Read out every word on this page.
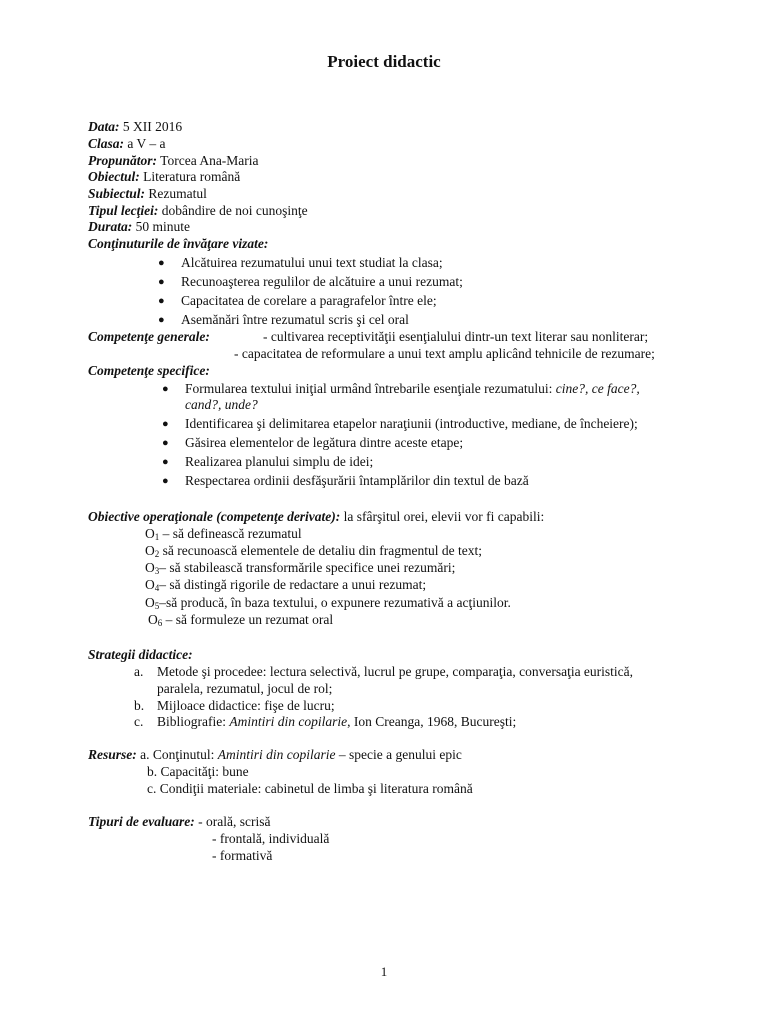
Proiect didactic
Data: 5 XII 2016
Clasa: a V – a
Propunător: Torcea Ana-Maria
Obiectul: Literatura română
Subiectul: Rezumatul
Tipul lecţiei: dobândire de noi cunoşinţe
Durata: 50 minute
Conţinuturile de învăţare vizate:
● Alcătuirea rezumatului unui text studiat la clasa;
● Recunoaşterea regulilor de alcătuire a unui rezumat;
● Capacitatea de corelare a paragrafelor între ele;
● Asemănări între rezumatul scris şi cel oral
Competenţe generale:	- cultivarea receptivităţii esenţialului dintr-un text literar sau nonliterar;
- capacitatea de reformulare a unui text amplu aplicând tehnicile de rezumare;
Competenţe specifice:
● Formularea textului iniţial urmând întrebarile esenţiale rezumatului: cine?, ce face?,
cand?, unde?
● Identificarea şi delimitarea etapelor naraţiunii (introductive, mediane, de încheiere);
● Găsirea elementelor de legătura dintre aceste etape;
● Realizarea planului simplu de idei;
● Respectarea ordinii desfăşurării întamplărilor din textul de bază
Obiective operaţionale (competenţe derivate): la sfârşitul orei, elevii vor fi capabili:
$O_1$ – să definească rezumatul
$O_2$ să recunoască elementele de detaliu din fragmentul de text;
$O_3-$ să stabilească transformările specifice unei rezumări;
$O_4-$ să distingă rigorile de redactare a unui rezumat;
$O_5-să$ producă, în baza textului, o expunere rezumativă a acţiunilor.
$O_6$ – să formuleze un rezumat oral
Strategii didactice:
a. Metode şi procedee: lectura selectivă, lucrul pe grupe, comparaţia, conversaţia euristică,
paralela, rezumatul, jocul de rol;
b. Mijloace didactice: fişe de lucru;
c. Bibliografie: Amintiri din copilarie, Ion Creanga, 1968, Bucureşti;
Resurse: a. Conţinutul: Amintiri din copilarie – specie a genului epic
b. Capacităţi: bune
c. Condiţii materiale: cabinetul de limba şi literatura română
Tipuri de evaluare: - orală, scrisă
- frontală, individuală
- formativă
1
